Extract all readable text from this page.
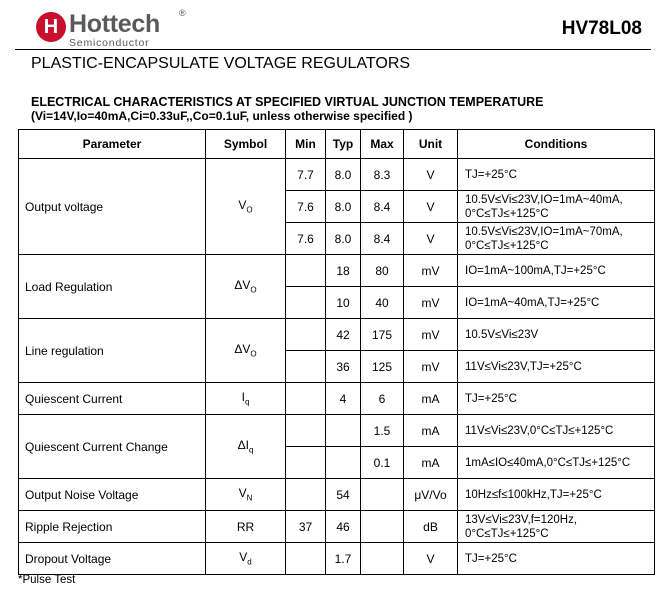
H Hottech ®
Semiconductor
HV78L08
PLASTIC-ENCAPSULATE VOLTAGE REGULATORS
ELECTRICAL CHARACTERISTICS AT SPECIFIED VIRTUAL JUNCTION TEMPERATURE
(Vi=14V,Io=40mA,Ci=0.33uF,,Co=0.1uF, unless otherwise specified )
Parameter	Symbol	Min	Typ	Max	Unit	Conditions
Output voltage	$V_O$	7.7	8.0	8.3	V	TJ=+25°C
		7.6	8.0	8.4	V	10.5V≤Vi≤23V,IO=1mA~40mA, 0°C≤TJ≤+125°C
		7.6	8.0	8.4	V	10.5V≤Vi≤23V,IO=1mA~70mA, 0°C≤TJ≤+125°C
Load Regulation	$\Delta V_O$		18	80	mV	IO=1mA~100mA,TJ=+25°C
			10	40	mV	IO=1mA~40mA,TJ=+25°C
Line regulation	$\Delta V_O$		42	175	mV	10.5V≤Vi≤23V
			36	125	mV	11V≤Vi≤23V,TJ=+25°C
Quiescent Current	$I_q$		4	6	mA	TJ=+25°C
Quiescent Current Change	$\Delta I_q$			1.5	mA	11V≤Vi≤23V,0°C≤TJ≤+125°C
				0.1	mA	1mA≤IO≤40mA,0°C≤TJ≤+125°C
Output Noise Voltage	$V_N$		54		μV/Vo	10Hz≤f≤100kHz,TJ=+25°C
Ripple Rejection	RR	37	46		dB	13V≤Vi≤23V,f=120Hz, 0°C≤TJ≤+125°C
Dropout Voltage	$V_d$		1.7		V	TJ=+25°C
*Pulse Test
